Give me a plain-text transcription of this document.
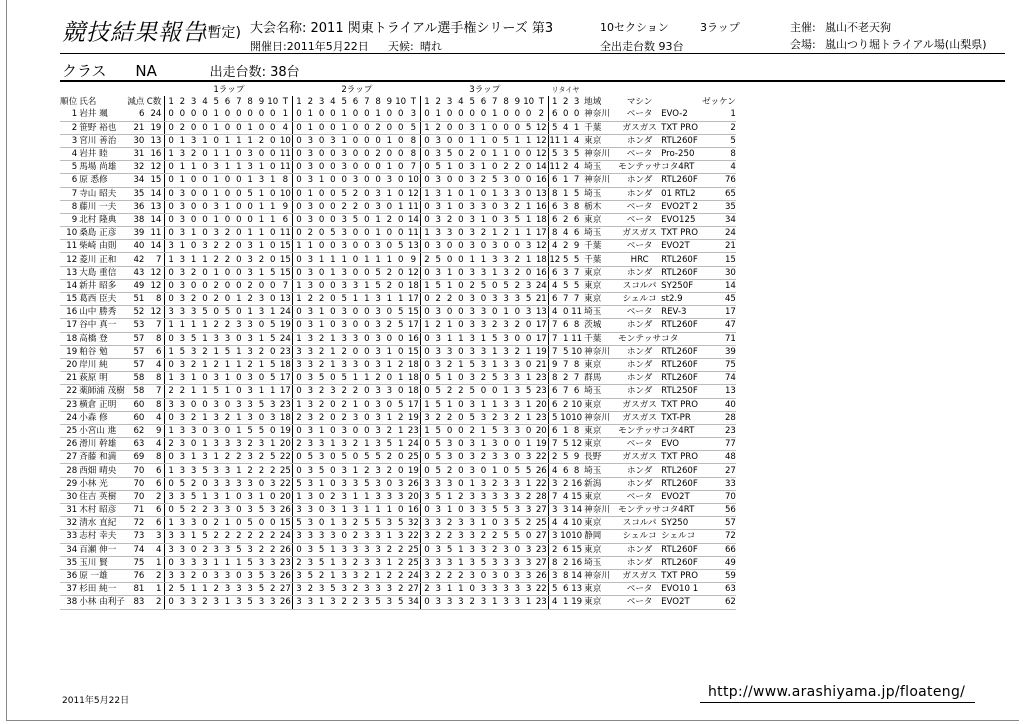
競技結果報告
(暫定) 大会名称: 2011 関東トライアル選手権シリーズ 第3	10セクション	3ラップ	主催: 嵐山不老天狗
開催日:2011年5月22日 天候: 晴れ	全出走台数 93台	会場: 嵐山つり堀トライアル場(山梨県)
クラス NA	出走台数: 38台
				1ラップ											2ラップ											3ラップ											リタイヤ						
順位	氏名	減点	C数	1	2	3	4	5	6	7	8	9	10	T	1	2	3	4	5	6	7	8	9	10	T	1	2	3	4	5	6	7	8	9	10	T	1	2	3	地域	マシン		ゼッケン
1	岩井 颯	6	24	0	0	0	0	1	0	0	0	0	0	1	0	1	0	0	1	0	0	1	0	0	3	0	1	0	0	0	0	1	0	0	0	2	6	0	0	神奈川	ベータ	EVO-2	1
2	笹野 裕也	21	19	0	2	0	0	1	0	0	1	0	0	4	0	1	0	0	1	0	0	2	0	0	5	1	2	0	0	3	1	0	0	0	5	12	5	4	1	千葉	ガスガス	TXT PRO	2
3	宮川 善治	30	13	0	1	3	1	0	1	1	1	2	0	10	0	3	0	3	1	0	0	0	1	0	8	0	3	0	0	1	1	0	5	1	1	12	11	1	4	東京	ホンダ	RTL260F	5
4	岩井 睦	31	16	1	3	2	0	1	1	0	3	0	0	11	0	3	0	0	3	0	0	2	0	0	8	0	3	5	0	2	0	1	1	0	0	12	5	3	5	神奈川	ベータ	Pro-250	8
5	馬場 尚雄	32	12	0	1	1	0	3	1	1	3	1	0	11	0	3	0	0	3	0	0	0	1	0	7	0	5	1	0	3	1	0	2	2	0	14	11	2	4	埼玉	モンテッサ	コタ4RT	4
6	原 悉修	34	15	0	1	0	0	1	0	0	1	3	1	8	0	3	1	0	0	3	0	0	3	0	10	0	3	0	0	3	2	5	3	0	0	16	6	1	7	神奈川	ホンダ	RTL260F	76
7	寺山 昭夫	35	14	0	3	0	0	1	0	0	5	1	0	10	0	1	0	0	5	2	0	3	1	0	12	1	3	1	0	1	0	1	3	3	0	13	8	1	5	埼玉	ホンダ	01 RTL2	65
8	藤川 一夫	36	13	0	3	0	0	3	1	0	0	1	1	9	0	3	0	0	2	2	0	3	0	1	11	0	3	1	0	3	3	0	3	2	1	16	6	3	8	栃木	ベータ	EVO2T 2	35
9	北村 隆典	38	14	0	3	0	0	1	0	0	0	1	1	6	0	3	0	0	3	5	0	1	2	0	14	0	3	2	0	3	1	0	3	5	1	18	6	2	6	東京	ベータ	EVO125	34
10	桑島 正彦	39	11	0	3	1	0	3	2	0	1	1	0	11	0	2	0	5	3	0	0	1	0	0	11	1	3	3	0	3	2	1	2	1	1	17	8	4	6	埼玉	ガスガス	TXT PRO	24
11	柴崎 由則	40	14	3	1	0	3	2	2	0	3	1	0	15	1	1	0	0	3	0	0	3	0	5	13	0	3	0	0	3	0	3	0	0	3	12	4	2	9	千葉	ベータ	EVO2T	21
12	菱川 正和	42	7	1	3	1	1	2	2	0	3	2	0	15	0	3	1	1	1	0	1	1	1	0	9	2	5	0	0	1	1	3	3	2	1	18	12	5	5	千葉	HRC	RTL260F	15
13	大島 重信	43	12	0	3	2	0	1	0	0	3	1	5	15	0	3	0	1	3	0	0	5	2	0	12	0	3	1	0	3	3	1	3	2	0	16	6	3	7	東京	ホンダ	RTL260F	30
14	新井 昭多	49	12	0	3	0	0	2	0	0	2	0	0	7	1	3	0	0	3	3	1	5	2	0	18	1	5	1	0	2	5	0	5	2	3	24	4	5	5	東京	スコルパ	SY250F	14
15	葛西 臣夫	51	8	0	3	2	0	2	0	1	2	3	0	13	1	2	2	0	5	1	1	3	1	1	17	0	2	2	0	3	0	3	3	3	5	21	6	7	7	東京	シェルコ	st2.9	45
16	山中 勝秀	52	12	3	3	3	5	0	5	0	1	3	1	24	0	3	1	0	3	0	0	3	0	5	15	0	3	0	0	3	3	0	1	0	3	13	4	0	11	埼玉	ベータ	REV-3	17
17	谷中 真一	53	7	1	1	1	1	2	2	3	3	0	5	19	0	3	1	0	3	0	0	3	2	5	17	1	2	1	0	3	3	2	3	2	0	17	7	6	8	茨城	ホンダ	RTL260F	47
18	高橋 登	57	8	0	3	5	1	3	3	0	3	1	5	24	1	3	2	1	3	3	0	3	0	0	16	0	3	1	1	3	1	5	3	0	0	17	7	1	11	千葉	モンテッサ	コタ	71
19	粕谷 勉	57	6	1	5	3	2	1	5	1	3	2	0	23	3	3	2	1	2	0	0	3	1	0	15	0	3	3	0	3	3	1	3	2	1	19	7	5	10	神奈川	ホンダ	RTL260F	39
20	岸川 純	57	4	0	3	2	1	2	1	1	2	1	5	18	3	3	2	1	3	3	0	3	1	2	18	0	3	2	1	5	3	1	3	3	0	21	9	7	8	東京	ホンダ	RTL260F	75
21	萩原 明	58	8	1	3	1	0	3	1	0	3	0	5	17	0	3	5	0	5	1	1	2	0	1	18	0	5	1	0	3	2	5	3	3	1	23	8	2	7	群馬	ホンダ	RTL260F	74
22	薬師浦 茂樹	58	7	2	2	1	1	5	1	0	3	1	1	17	0	3	2	3	2	2	0	3	3	0	18	0	5	2	2	5	0	0	1	3	5	23	6	7	6	埼玉	ホンダ	RTL250F	13
23	横倉 正明	60	8	3	3	0	0	3	0	3	3	5	3	23	1	3	2	0	2	1	0	3	0	5	17	1	5	1	0	3	1	1	3	3	1	20	6	2	10	東京	ガスガス	TXT PRO	40
24	小森 修	60	4	0	3	2	1	3	2	1	3	0	3	18	2	3	2	0	2	3	0	3	1	2	19	3	2	2	0	5	3	2	3	2	1	23	5	10	10	神奈川	ガスガス	TXT-PR	28
25	小宮山 進	62	9	1	3	3	0	3	0	1	5	5	0	19	0	3	1	0	3	0	0	3	2	1	23	1	5	0	0	2	1	5	3	3	0	20	6	1	8	東京	モンテッサ	コタ4RT	23
26	滑川 幹雄	63	4	2	3	0	1	3	3	3	2	3	1	20	2	3	3	1	3	2	1	3	5	1	24	0	5	3	0	3	1	3	0	0	1	19	7	5	12	東京	ベータ	EVO	77
27	斉藤 和満	69	8	0	3	1	3	1	2	2	3	2	5	22	0	5	3	0	5	0	5	5	2	0	25	0	5	3	0	3	2	3	3	0	3	22	2	5	9	長野	ガスガス	TXT PRO	48
28	西畑 晴央	70	6	1	3	3	5	3	3	1	2	2	2	25	0	3	5	0	3	1	2	3	2	0	19	0	5	2	0	3	0	1	0	5	5	26	4	6	8	埼玉	ホンダ	RTL260F	27
29	小林 光	70	6	0	5	2	0	3	3	3	3	0	3	22	5	3	1	0	3	3	5	3	0	3	26	3	3	3	0	1	3	2	3	3	1	22	3	2	16	新潟	ホンダ	RTL260F	33
30	住吉 英樹	70	2	3	3	5	1	3	1	0	3	1	0	20	1	3	0	2	3	1	1	3	3	3	20	3	5	1	2	3	3	3	3	3	2	28	7	4	15	東京	ベータ	EVO2T	70
31	木村 昭彦	71	6	0	5	2	2	3	3	0	3	5	3	26	3	3	0	3	1	3	1	1	1	0	16	0	3	1	0	3	3	5	5	3	3	27	3	3	14	神奈川	モンテッサ	コタ4RT	56
32	清水 直紀	72	6	1	3	3	0	2	1	0	5	0	0	15	5	3	0	1	3	2	5	5	3	5	32	3	3	2	3	3	1	0	3	5	2	25	4	4	10	東京	スコルパ	SY250	57
33	志村 幸夫	73	3	3	3	1	5	2	2	2	2	2	2	24	3	3	3	3	0	2	3	3	1	3	22	3	2	2	3	3	2	2	5	5	0	27	3	10	10	静岡	シェルコ	シェルコ	72
34	百瀬 伸一	74	4	3	3	0	2	3	3	5	3	2	2	26	0	3	5	1	3	3	3	3	2	2	25	0	3	5	1	3	3	2	3	0	3	23	2	6	15	東京	ホンダ	RTL260F	66
35	玉川 賢	75	1	0	3	3	3	1	1	1	5	3	3	23	2	3	5	1	3	2	3	3	1	2	25	3	3	3	1	3	5	3	3	3	3	27	8	2	16	埼玉	ホンダ	RTL260F	49
36	原 一雄	76	2	3	3	2	0	3	3	0	3	5	3	26	3	5	2	1	3	3	2	1	2	2	24	3	2	2	2	3	0	3	0	3	3	26	3	8	14	神奈川	ガスガス	TXT PRO	59
37	杉田 純一	81	1	2	5	1	1	2	3	3	3	5	2	27	3	2	3	5	3	2	3	3	3	2	27	2	3	1	1	0	3	3	3	3	3	22	5	6	13	東京	ベータ	EVO10 1	63
38	小林 由利子	83	2	0	3	3	2	3	1	3	5	3	3	26	3	3	1	3	2	2	3	5	3	5	34	0	3	3	3	2	3	1	3	3	1	23	4	1	19	東京	ベータ	EVO2T	62
2011年5月22日
http://www.arashiyama.jp/floateng/
